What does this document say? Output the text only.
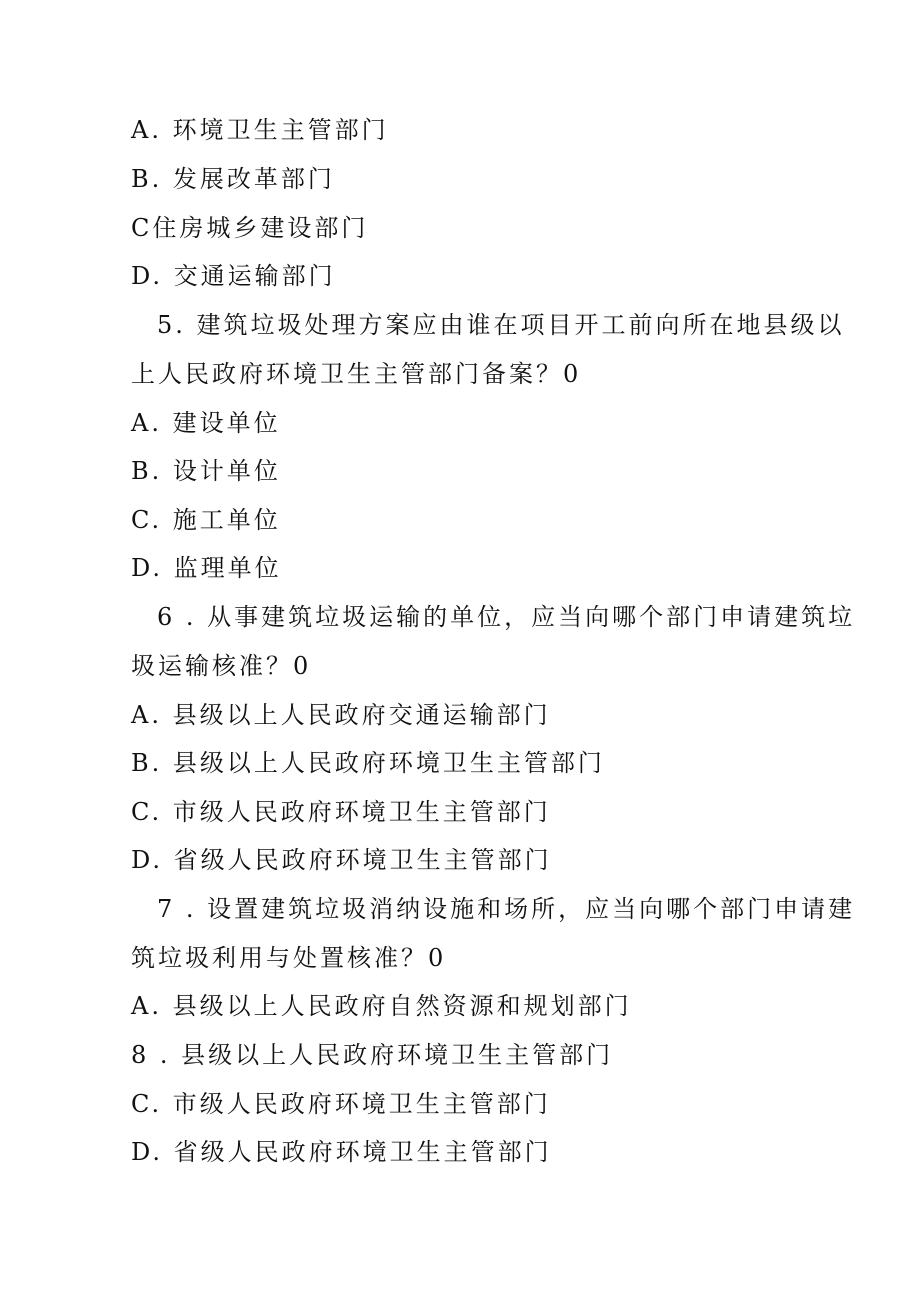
A. 环境卫生主管部门
B. 发展改革部门
C住房城乡建设部门
D. 交通运输部门
5. 建筑垃圾处理方案应由谁在项目开工前向所在地县级以
上人民政府环境卫生主管部门备案？0
A. 建设单位
B. 设计单位
C. 施工单位
D. 监理单位
6 . 从事建筑垃圾运输的单位，应当向哪个部门申请建筑垃
圾运输核准？0
A. 县级以上人民政府交通运输部门
B. 县级以上人民政府环境卫生主管部门
C. 市级人民政府环境卫生主管部门
D. 省级人民政府环境卫生主管部门
7 . 设置建筑垃圾消纳设施和场所，应当向哪个部门申请建
筑垃圾利用与处置核准？0
A. 县级以上人民政府自然资源和规划部门
8 . 县级以上人民政府环境卫生主管部门
C. 市级人民政府环境卫生主管部门
D. 省级人民政府环境卫生主管部门
